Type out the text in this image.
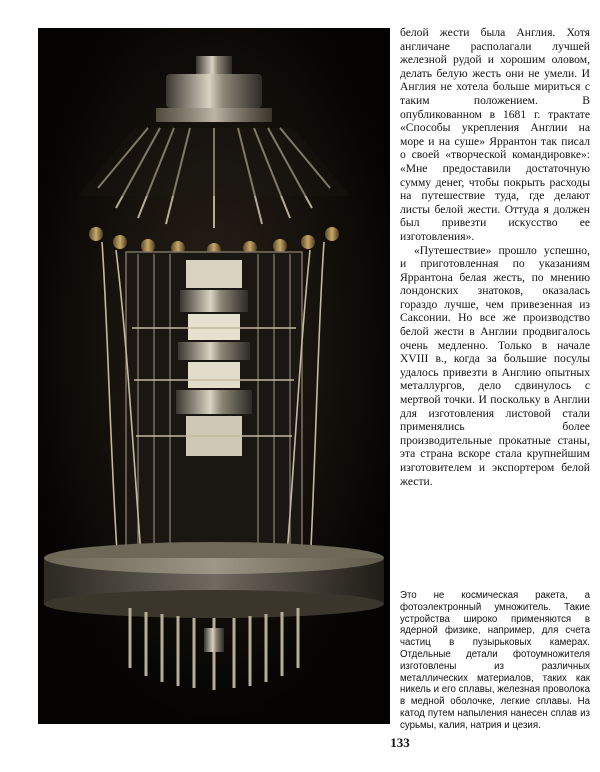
белой жести была Англия. Хотя англичане располагали лучшей железной рудой и хорошим оловом, делать белую жесть они не умели. И Англия не хотела больше мириться с таким положением. В опубликованном в 1681 г. трактате «Способы укрепления Англии на море и на суше» Яррантон так писал о своей «творческой командировке»: «Мне предоставили достаточную сумму денег, чтобы покрыть расходы на путешествие туда, где делают листы белой жести. Оттуда я должен был привезти искусство ее изготовления».

«Путешествие» прошло успешно, и приготовленная по указаниям Яррантона белая жесть, по мнению лондонских знатоков, оказалась гораздо лучше, чем привезенная из Саксонии. Но все же производство белой жести в Англии продвигалось очень медленно. Только в начале XVIII в., когда за большие посулы удалось привезти в Англию опытных металлургов, дело сдвинулось с мертвой точки. И поскольку в Англии для изготовления листовой стали применялись более производительные прокатные станы, эта страна вскоре стала крупнейшим изготовителем и экспортером белой жести.

Это не космическая ракета, а фотоэлектронный умножитель. Такие устройства широко применяются в ядерной физике, например, для счета частиц в пузырьковых камерах. Отдельные детали фотоумножителя изготовлены из различных металлических материалов, таких как никель и его сплавы, железная проволока в медной оболочке, легкие сплавы. На катод путем напыления нанесен сплав из сурьмы, калия, натрия и цезия.
133
